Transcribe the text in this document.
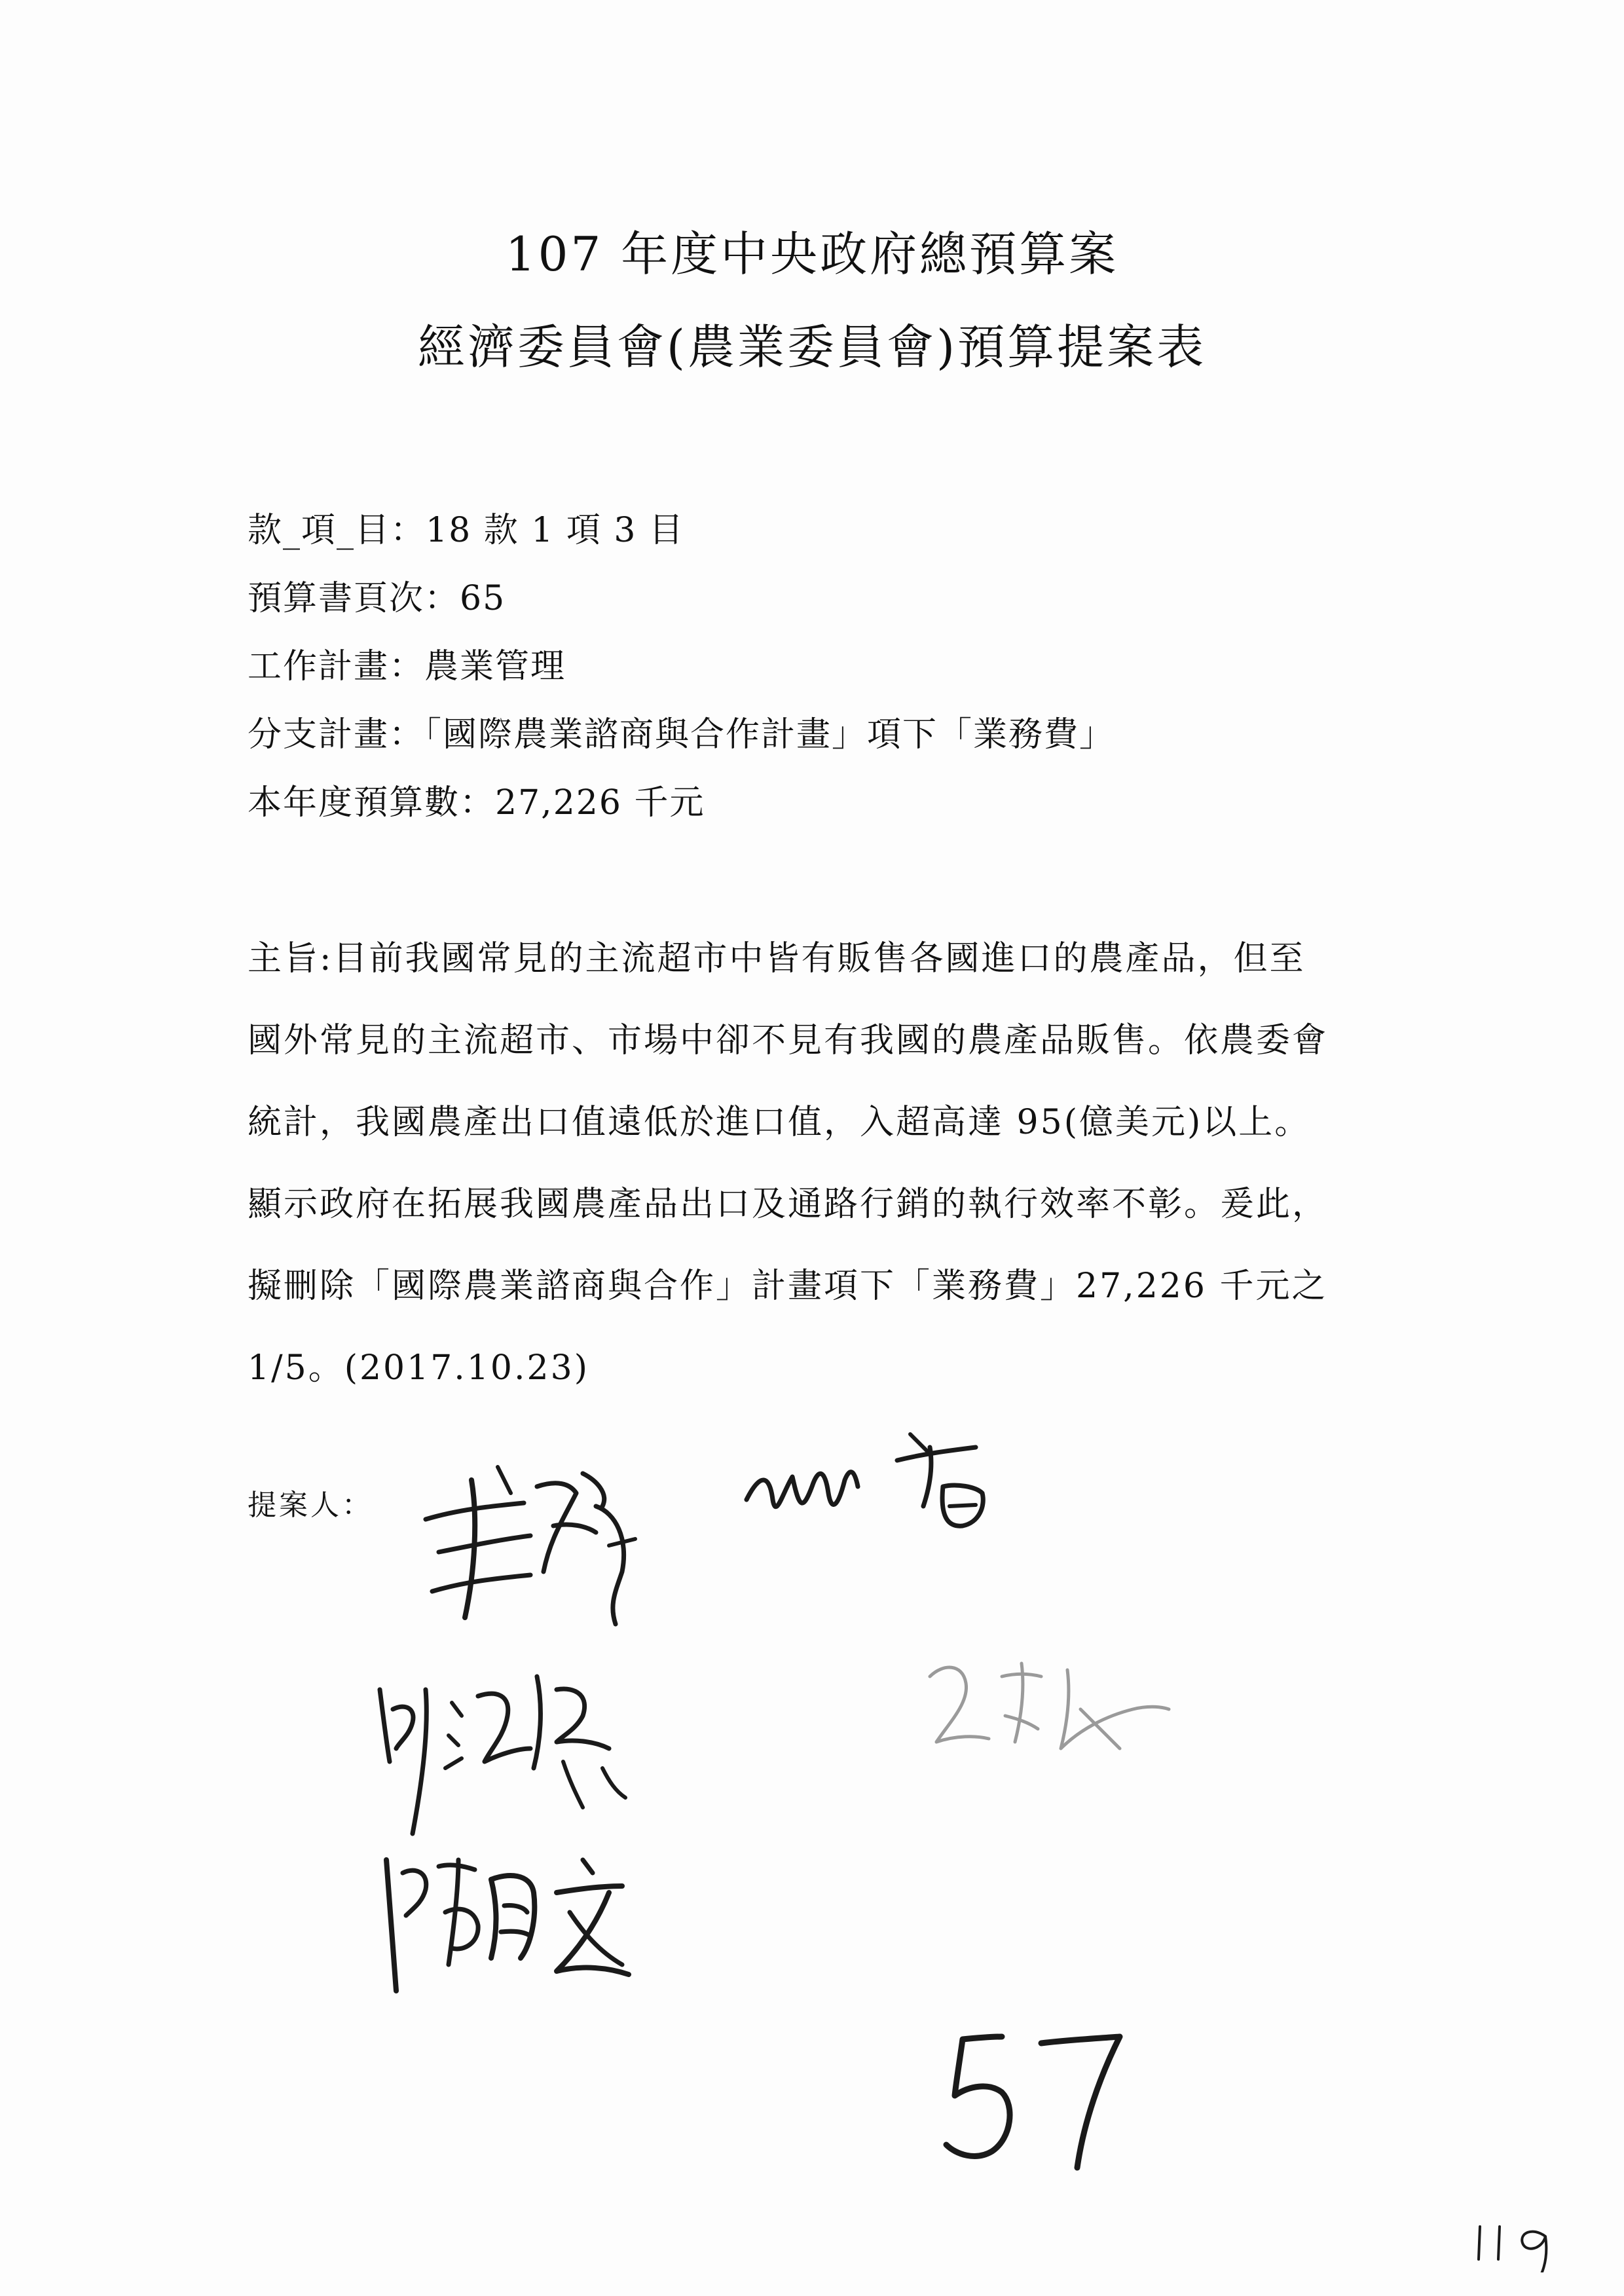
107 年度中央政府總預算案
經濟委員會(農業委員會)預算提案表
款_項_目：18 款 1 項 3 目
預算書頁次：65
工作計畫：農業管理
分支計畫：「國際農業諮商與合作計畫」項下「業務費」
本年度預算數：27,226 千元
主旨:目前我國常見的主流超市中皆有販售各國進口的農產品，但至
國外常見的主流超市、市場中卻不見有我國的農產品販售。依農委會
統計，我國農產出口值遠低於進口值，入超高達 95(億美元)以上。
顯示政府在拓展我國農產品出口及通路行銷的執行效率不彰。爰此，
擬刪除「國際農業諮商與合作」計畫項下「業務費」27,226 千元之
1/5。(2017.10.23)
提案人：
